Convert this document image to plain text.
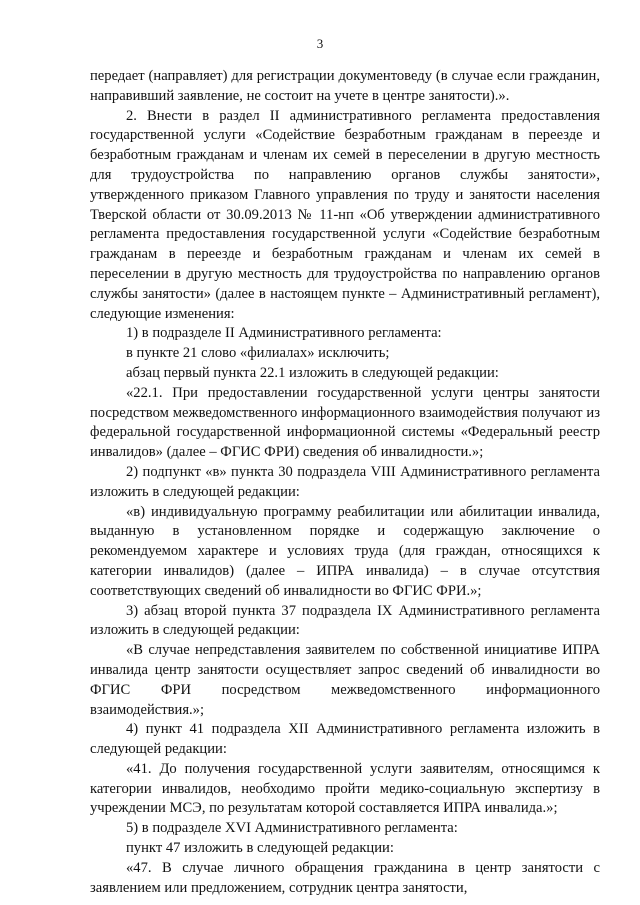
3

передает (направляет) для регистрации документоведу (в случае если гражданин, направивший заявление, не состоит на учете в центре занятости).».

2. Внести в раздел II административного регламента предоставления государственной услуги «Содействие безработным гражданам в переезде и безработным гражданам и членам их семей в переселении в другую местность для трудоустройства по направлению органов службы занятости», утвержденного приказом Главного управления по труду и занятости населения Тверской области от 30.09.2013 № 11-нп «Об утверждении административного регламента предоставления государственной услуги «Содействие безработным гражданам в переезде и безработным гражданам и членам их семей в переселении в другую местность для трудоустройства по направлению органов службы занятости» (далее в настоящем пункте – Административный регламент), следующие изменения:

1) в подразделе II Административного регламента:

в пункте 21 слово «филиалах» исключить;

абзац первый пункта 22.1 изложить в следующей редакции:

«22.1. При предоставлении государственной услуги центры занятости посредством межведомственного информационного взаимодействия получают из федеральной государственной информационной системы «Федеральный реестр инвалидов» (далее – ФГИС ФРИ) сведения об инвалидности.»;

2) подпункт «в» пункта 30 подраздела VIII Административного регламента изложить в следующей редакции:

«в) индивидуальную программу реабилитации или абилитации инвалида, выданную в установленном порядке и содержащую заключение о рекомендуемом характере и условиях труда (для граждан, относящихся к категории инвалидов) (далее – ИПРА инвалида) – в случае отсутствия соответствующих сведений об инвалидности во ФГИС ФРИ.»;

3) абзац второй пункта 37 подраздела IX Административного регламента изложить в следующей редакции:

«В случае непредставления заявителем по собственной инициативе ИПРА инвалида центр занятости осуществляет запрос сведений об инвалидности во ФГИС ФРИ посредством межведомственного информационного взаимодействия.»;

4) пункт 41 подраздела XII Административного регламента изложить в следующей редакции:

«41. До получения государственной услуги заявителям, относящимся к категории инвалидов, необходимо пройти медико-социальную экспертизу в учреждении МСЭ, по результатам которой составляется ИПРА инвалида.»;

5) в подразделе XVI Административного регламента:

пункт 47 изложить в следующей редакции:

«47. В случае личного обращения гражданина в центр занятости с заявлением или предложением, сотрудник центра занятости,
